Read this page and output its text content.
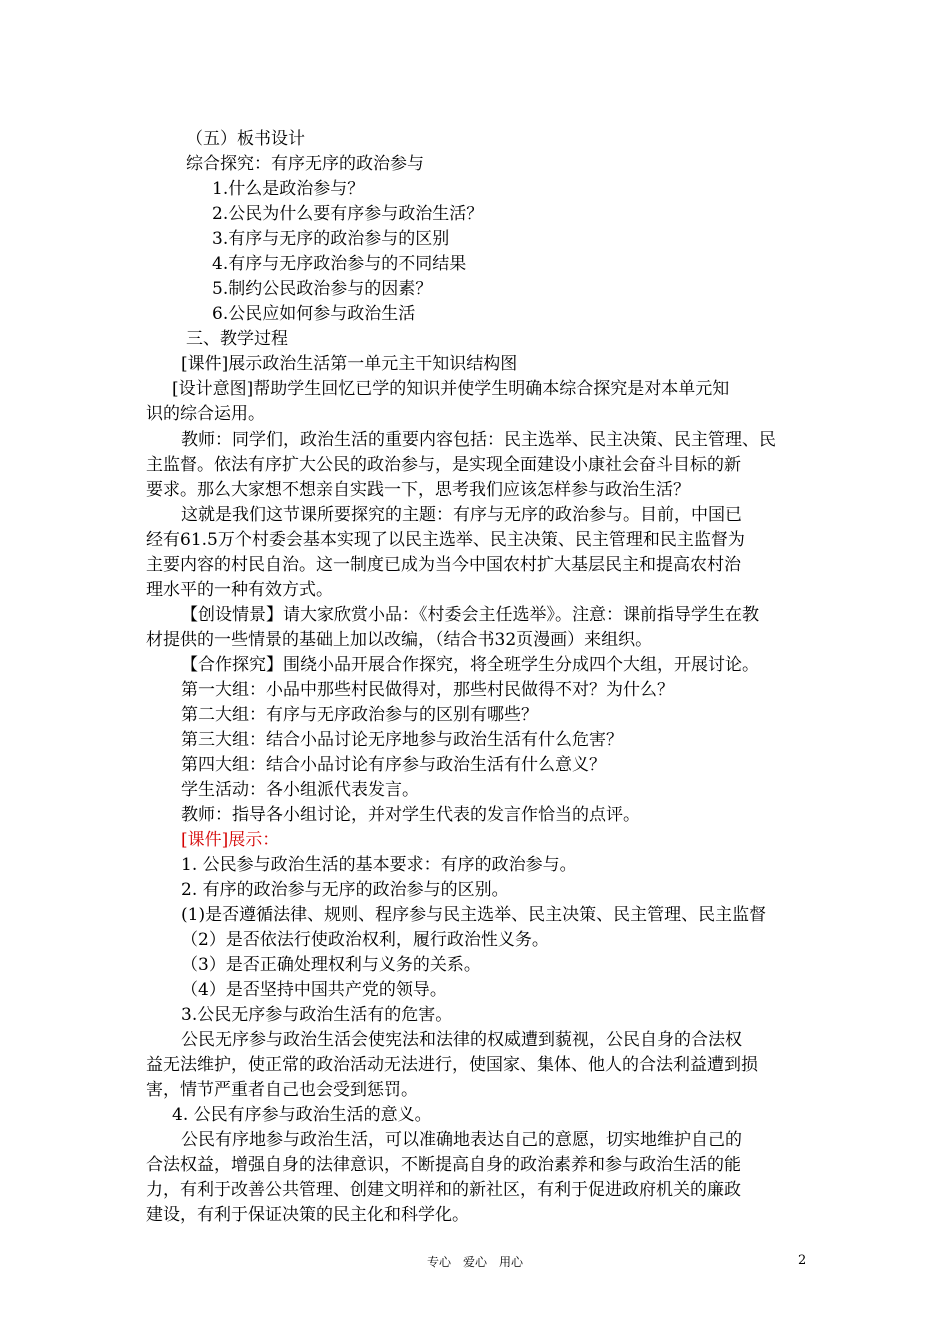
（五）板书设计
综合探究：有序无序的政治参与
1.什么是政治参与？
2.公民为什么要有序参与政治生活？
3.有序与无序的政治参与的区别
4.有序与无序政治参与的不同结果
5.制约公民政治参与的因素？
6.公民应如何参与政治生活
三、教学过程
[课件]展示政治生活第一单元主干知识结构图
[设计意图]帮助学生回忆已学的知识并使学生明确本综合探究是对本单元知
识的综合运用。
教师：同学们，政治生活的重要内容包括：民主选举、民主决策、民主管理、民
主监督。依法有序扩大公民的政治参与，是实现全面建设小康社会奋斗目标的新
要求。那么大家想不想亲自实践一下，思考我们应该怎样参与政治生活？
这就是我们这节课所要探究的主题：有序与无序的政治参与。目前，中国已
经有61.5万个村委会基本实现了以民主选举、民主决策、民主管理和民主监督为
主要内容的村民自治。这一制度已成为当今中国农村扩大基层民主和提高农村治
理水平的一种有效方式。
【创设情景】请大家欣赏小品：《村委会主任选举》。注意：课前指导学生在教
材提供的一些情景的基础上加以改编，（结合书32页漫画）来组织。
【合作探究】围绕小品开展合作探究，将全班学生分成四个大组，开展讨论。
第一大组：小品中那些村民做得对，那些村民做得不对？为什么？
第二大组：有序与无序政治参与的区别有哪些？
第三大组：结合小品讨论无序地参与政治生活有什么危害？
第四大组：结合小品讨论有序参与政治生活有什么意义？
学生活动：各小组派代表发言。
教师：指导各小组讨论，并对学生代表的发言作恰当的点评。
[课件]展示：
1. 公民参与政治生活的基本要求：有序的政治参与。
2. 有序的政治参与无序的政治参与的区别。
(1)是否遵循法律、规则、程序参与民主选举、民主决策、民主管理、民主监督
（2）是否依法行使政治权利，履行政治性义务。
（3）是否正确处理权利与义务的关系。
（4）是否坚持中国共产党的领导。
3.公民无序参与政治生活有的危害。
公民无序参与政治生活会使宪法和法律的权威遭到藐视，公民自身的合法权
益无法维护，使正常的政治活动无法进行，使国家、集体、他人的合法利益遭到损
害，情节严重者自己也会受到惩罚。
4. 公民有序参与政治生活的意义。
公民有序地参与政治生活，可以准确地表达自己的意愿，切实地维护自己的
合法权益，增强自身的法律意识，不断提高自身的政治素养和参与政治生活的能
力，有利于改善公共管理、创建文明祥和的新社区，有利于促进政府机关的廉政
建设，有利于保证决策的民主化和科学化。
专心　爱心　用心	2
